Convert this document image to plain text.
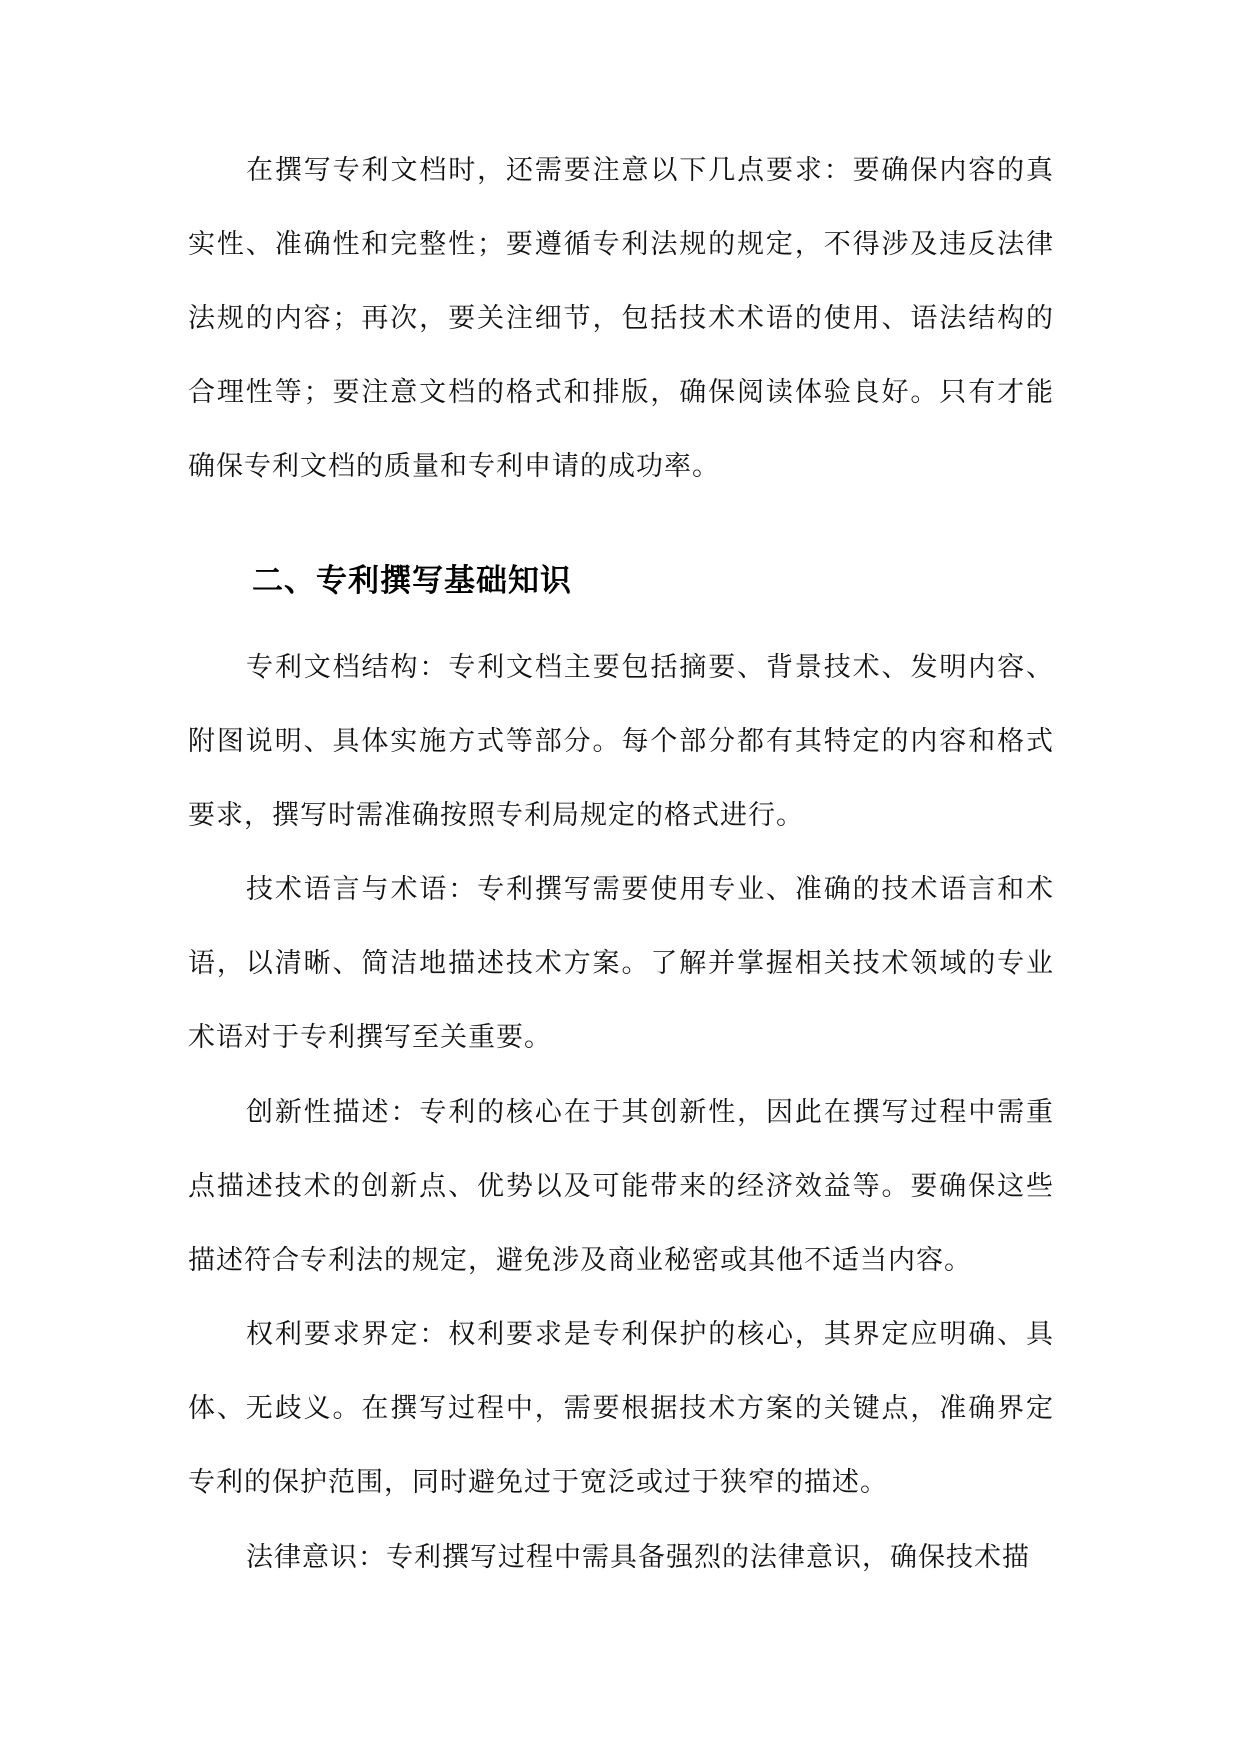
在撰写专利文档时，还需要注意以下几点要求：要确保内容的真实性、准确性和完整性；要遵循专利法规的规定，不得涉及违反法律法规的内容；再次，要关注细节，包括技术术语的使用、语法结构的合理性等；要注意文档的格式和排版，确保阅读体验良好。只有才能确保专利文档的质量和专利申请的成功率。

二、专利撰写基础知识

专利文档结构：专利文档主要包括摘要、背景技术、发明内容、附图说明、具体实施方式等部分。每个部分都有其特定的内容和格式要求，撰写时需准确按照专利局规定的格式进行。

技术语言与术语：专利撰写需要使用专业、准确的技术语言和术语，以清晰、简洁地描述技术方案。了解并掌握相关技术领域的专业术语对于专利撰写至关重要。

创新性描述：专利的核心在于其创新性，因此在撰写过程中需重点描述技术的创新点、优势以及可能带来的经济效益等。要确保这些描述符合专利法的规定，避免涉及商业秘密或其他不适当内容。

权利要求界定：权利要求是专利保护的核心，其界定应明确、具体、无歧义。在撰写过程中，需要根据技术方案的关键点，准确界定专利的保护范围，同时避免过于宽泛或过于狭窄的描述。

法律意识：专利撰写过程中需具备强烈的法律意识，确保技术描
